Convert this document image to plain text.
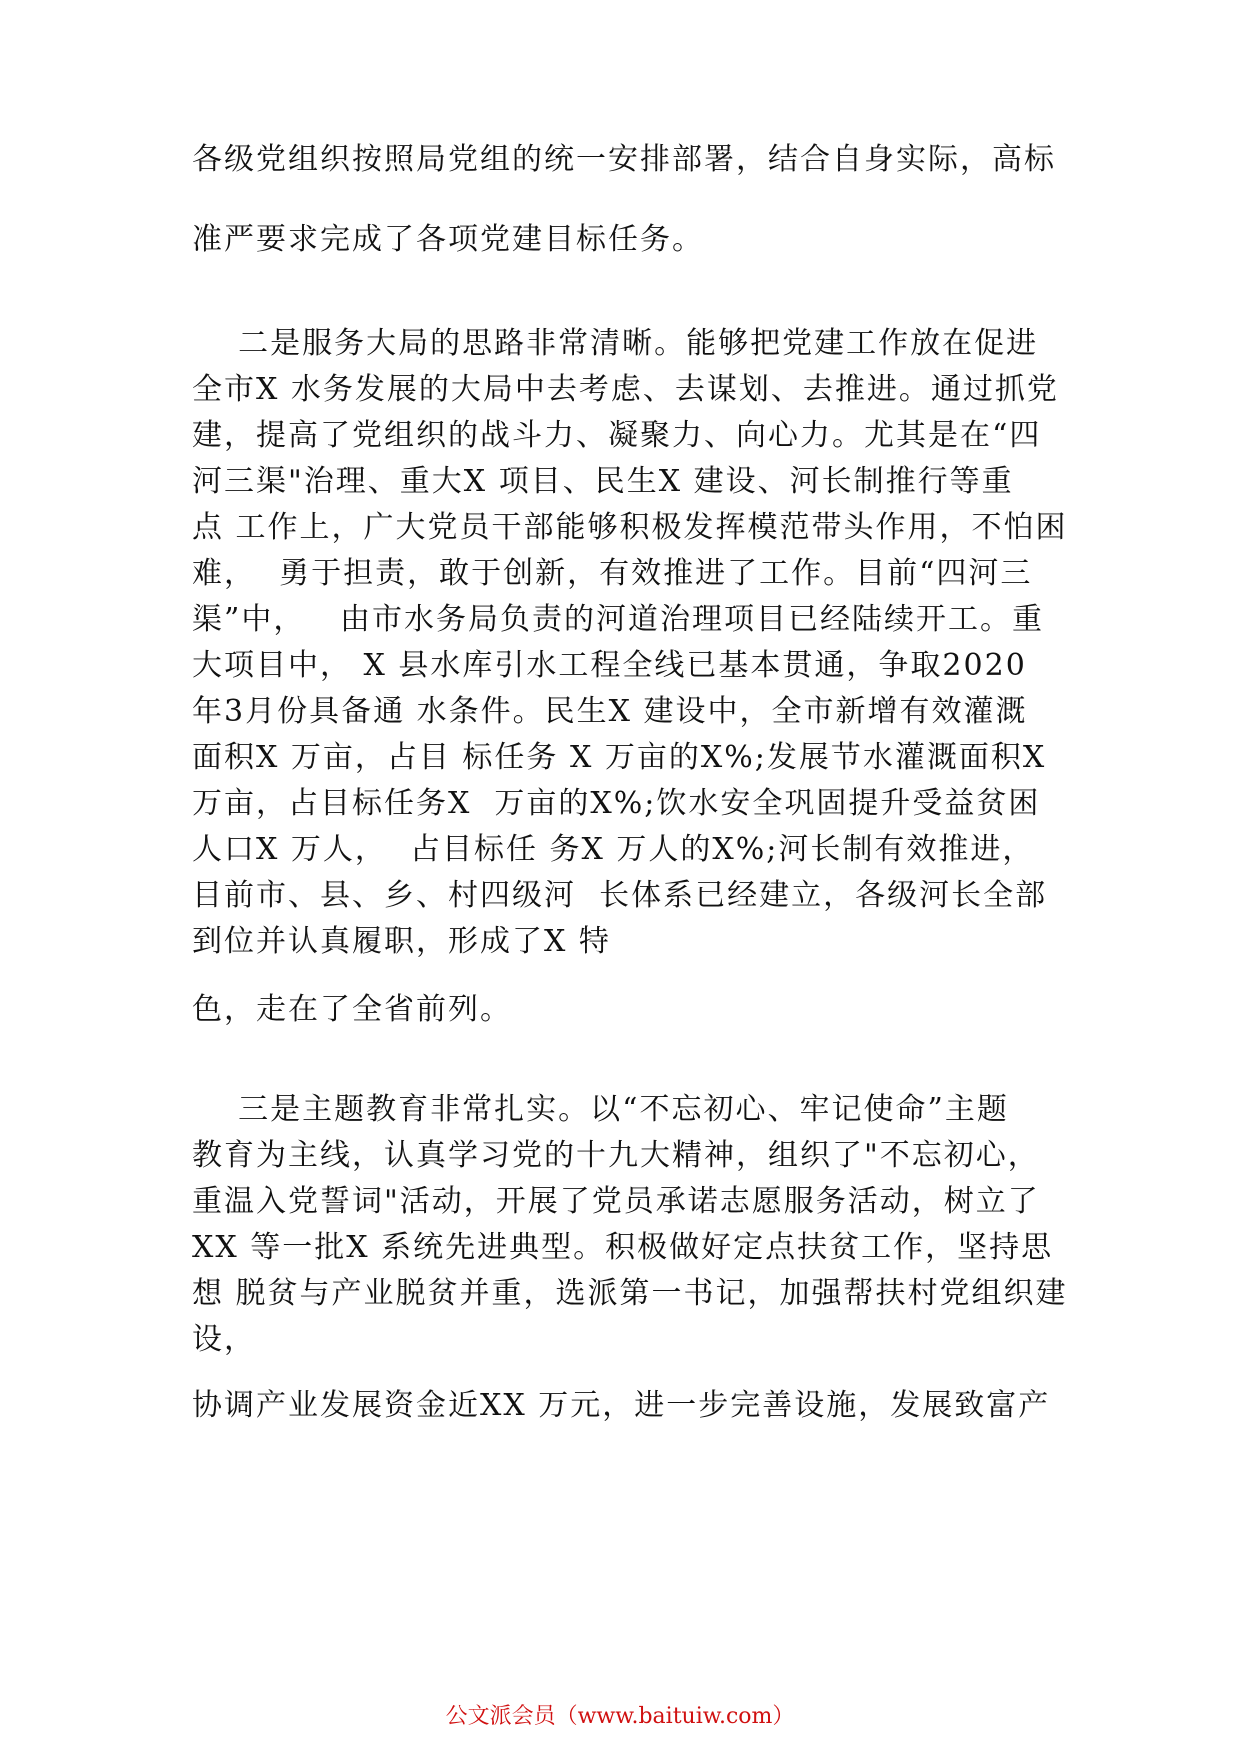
各级党组织按照局党组的统一安排部署，结合自身实际，高标
准严要求完成了各项党建目标任务。
二是服务大局的思路非常清晰。能够把党建工作放在促进
全市X 水务发展的大局中去考虑、去谋划、去推进。通过抓党
建，提高了党组织的战斗力、凝聚力、向心力。尤其是在“四
河三渠"治理、重大X 项目、民生X 建设、河长制推行等重
点 工作上，广大党员干部能够积极发挥模范带头作用，不怕困
难，  勇于担责，敢于创新，有效推进了工作。目前“四河三
渠”中，   由市水务局负责的河道治理项目已经陆续开工。重
大项目中， X 县水库引水工程全线已基本贯通，争取2020
年3月份具备通 水条件。民生X 建设中，全市新增有效灌溉
面积X 万亩，占目 标任务 X 万亩的X%;发展节水灌溉面积X
万亩，占目标任务X  万亩的X%;饮水安全巩固提升受益贫困
人口X 万人，  占目标任 务X 万人的X%;河长制有效推进，
目前市、县、乡、村四级河  长体系已经建立，各级河长全部
到位并认真履职，形成了X 特
色，走在了全省前列。
三是主题教育非常扎实。以“不忘初心、牢记使命”主题
教育为主线，认真学习党的十九大精神，组织了"不忘初心，
重温入党誓词"活动，开展了党员承诺志愿服务活动，树立了
XX 等一批X 系统先进典型。积极做好定点扶贫工作，坚持思
想 脱贫与产业脱贫并重，选派第一书记，加强帮扶村党组织建
设，
协调产业发展资金近XX 万元，进一步完善设施，发展致富产
公文派会员（www.baituiw.com）
